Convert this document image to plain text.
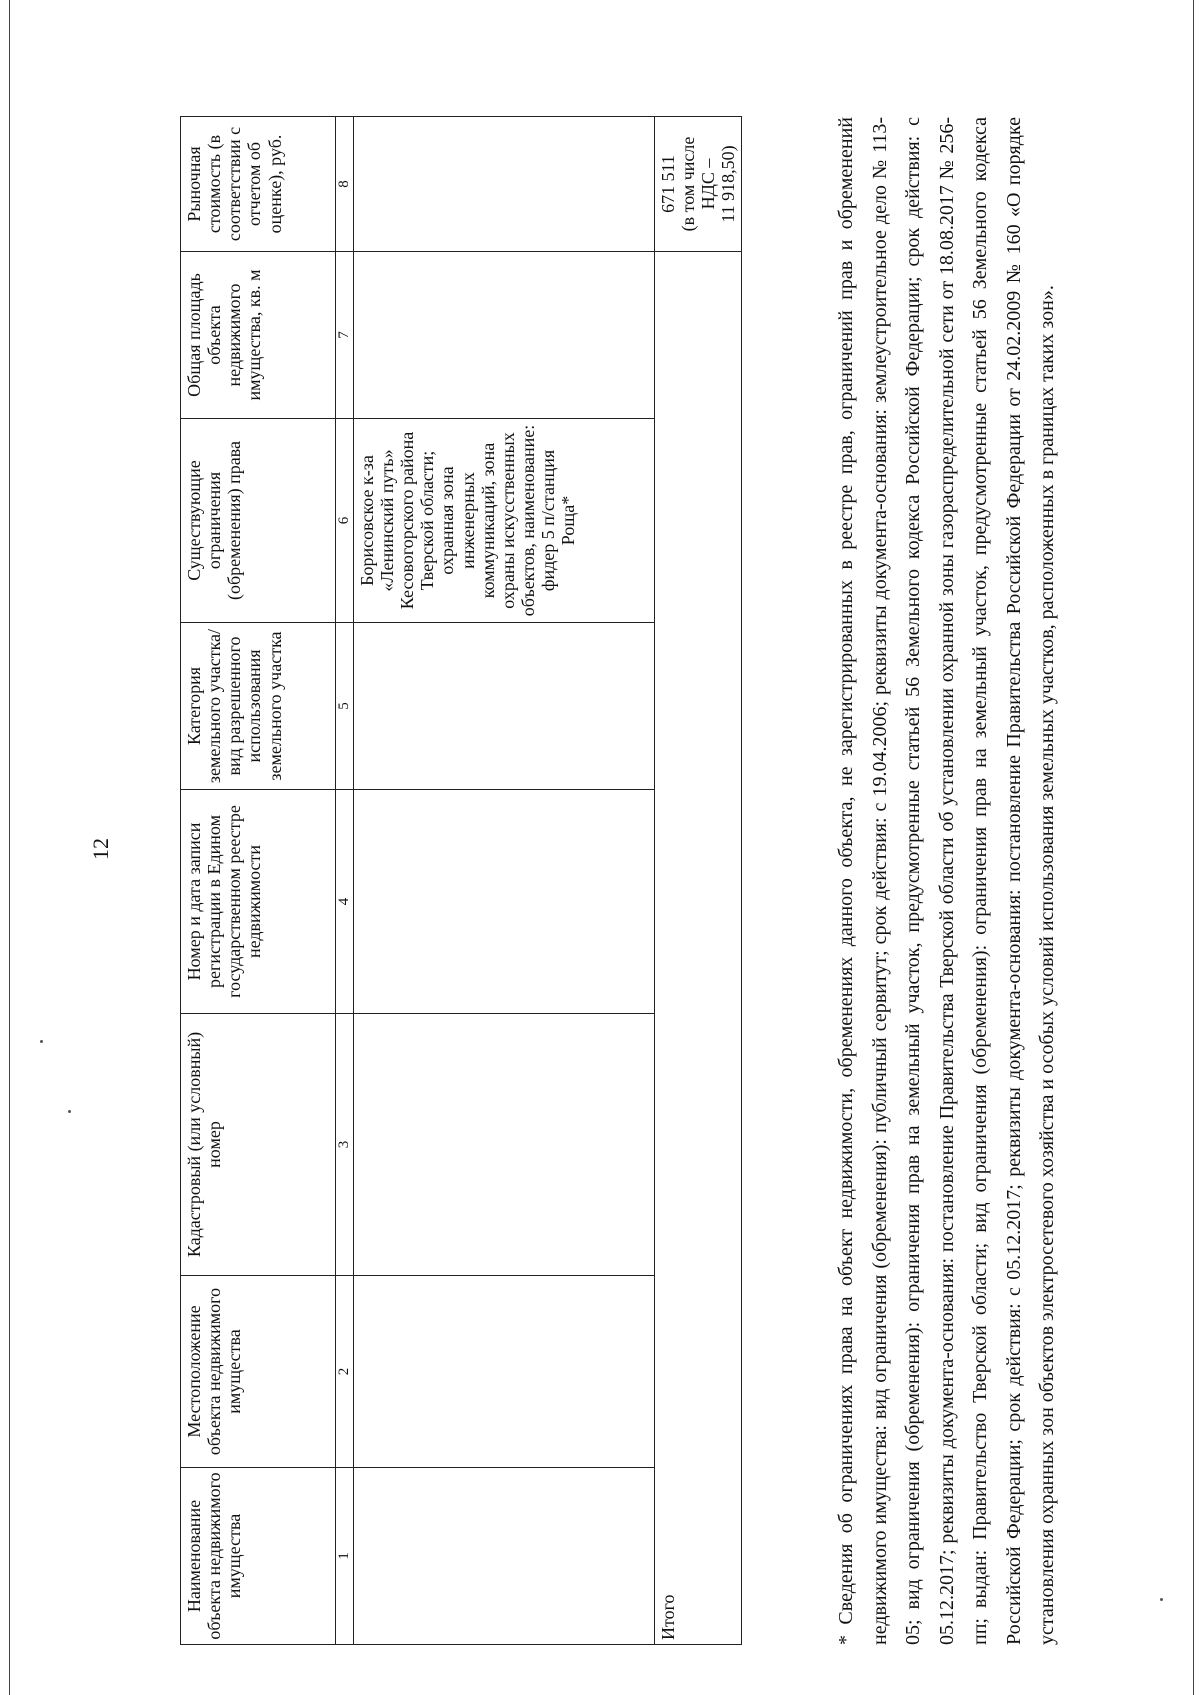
12
Наименование объекта недвижимого имущества	Местоположение объекта недвижимого имущества	Кадастровый (или условный) номер	Номер и дата записи регистрации в Едином государственном реестре недвижимости	Категория земельного участка/вид разрешенного использования земельного участка	Существующие ограничения (обременения) права	Общая площадь объекта недвижимого имущества, кв. м	Рыночная стоимость (в соответствии с отчетом об оценке), руб.
1	2	3	4	5	6	7	8
					Борисовское к-за «Ленинский путь» Кесовогорского района Тверской области; охранная зона инженерных коммуникаций, зона охраны искусственных объектов, наименование: фидер 5 п/станция Роща*		
Итого							671 511 (в том числе НДС – 11 918,50)	* Сведения об ограничениях права на объект недвижимости, обременениях данного объекта, не зарегистрированных в реестре прав, ограничений прав и обременений недвижимого имущества: вид ограничения (обременения): публичный сервитут; срок действия: с 19.04.2006; реквизиты документа-основания: землеустроительное дело № 113-05; вид ограничения (обременения): ограничения прав на земельный участок, предусмотренные статьей 56 Земельного кодекса Российской Федерации; срок действия: с 05.12.2017; реквизиты документа-основания: постановление Правительства Тверской области об установлении охранной зоны газораспределительной сети от 18.08.2017 № 256-пп; выдан: Правительство Тверской области; вид ограничения (обременения): ограничения прав на земельный участок, предусмотренные статьей 56 Земельного кодекса Российской Федерации; срок действия: с 05.12.2017; реквизиты документа-основания: постановление Правительства Российской Федерации от 24.02.2009 № 160 «О порядке установления охранных зон объектов электросетевого хозяйства и особых условий использования земельных участков, расположенных в границах таких зон».
